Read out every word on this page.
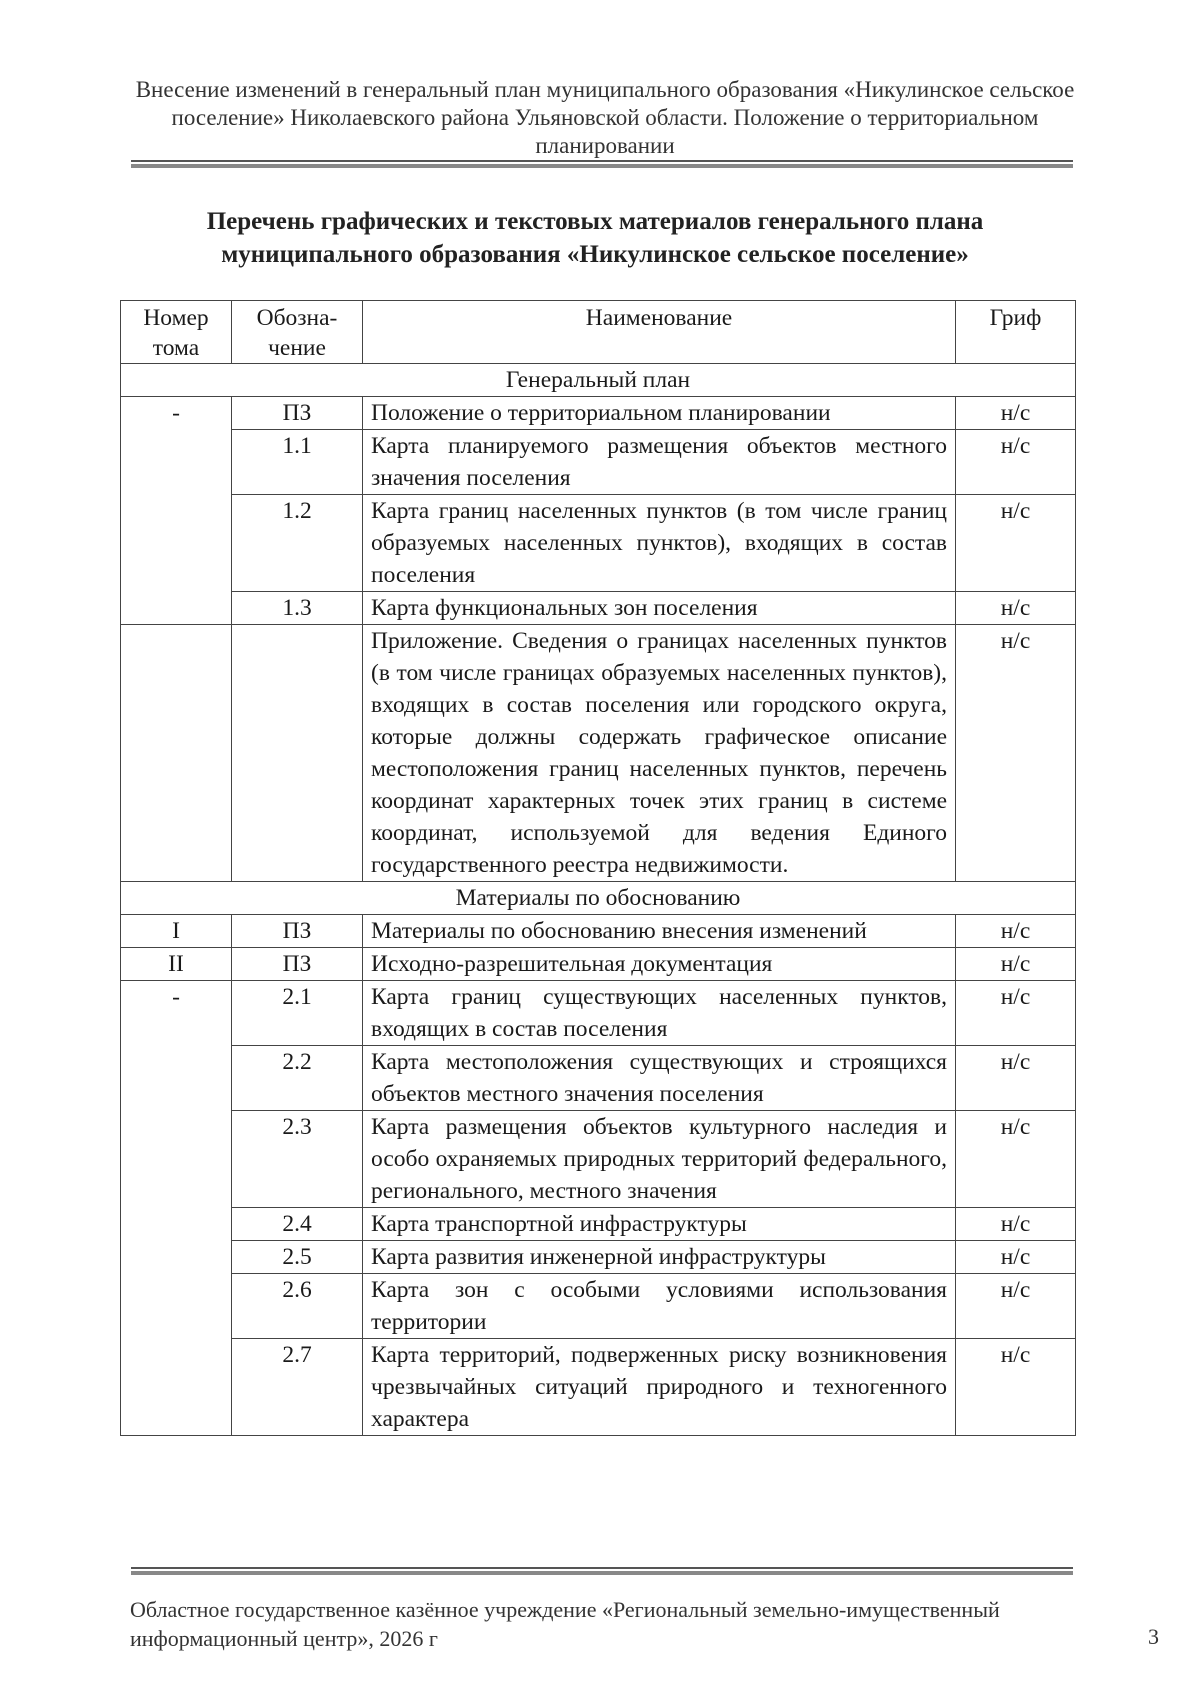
Внесение изменений в генеральный план муниципального образования «Никулинское сельское поселение» Николаевского района Ульяновской области. Положение о территориальном планировании
Перечень графических и текстовых материалов генерального плана
муниципального образования «Никулинское сельское поселение»
Номер тома	Обозна-чение	Наименование	Гриф
Генеральный план			
-	ПЗ	Положение о территориальном планировании	н/с
	1.1	Карта планируемого размещения объектов местного значения поселения	н/с
	1.2	Карта границ населенных пунктов (в том числе границ образуемых населенных пунктов), входящих в состав поселения	н/с
	1.3	Карта функциональных зон поселения	н/с
		Приложение. Сведения о границах населенных пунктов (в том числе границах образуемых населенных пунктов), входящих в состав поселения или городского округа, которые должны содержать графическое описание местоположения границ населенных пунктов, перечень координат характерных точек этих границ в системе координат, используемой для ведения Единого государственного реестра недвижимости.	н/с
Материалы по обоснованию			
I	ПЗ	Материалы по обоснованию внесения изменений	н/с
II	ПЗ	Исходно-разрешительная документация	н/с
-	2.1	Карта границ существующих населенных пунктов, входящих в состав поселения	н/с
	2.2	Карта местоположения существующих и строящихся объектов местного значения поселения	н/с
	2.3	Карта размещения объектов культурного наследия и особо охраняемых природных территорий федерального, регионального, местного значения	н/с
	2.4	Карта транспортной инфраструктуры	н/с
	2.5	Карта развития инженерной инфраструктуры	н/с
	2.6	Карта зон с особыми условиями использования территории	н/с
	2.7	Карта территорий, подверженных риску возникновения чрезвычайных ситуаций природного и техногенного характера	н/с
Областное государственное казённое учреждение «Региональный земельно-имущественный информационный центр», 2026 г	3
